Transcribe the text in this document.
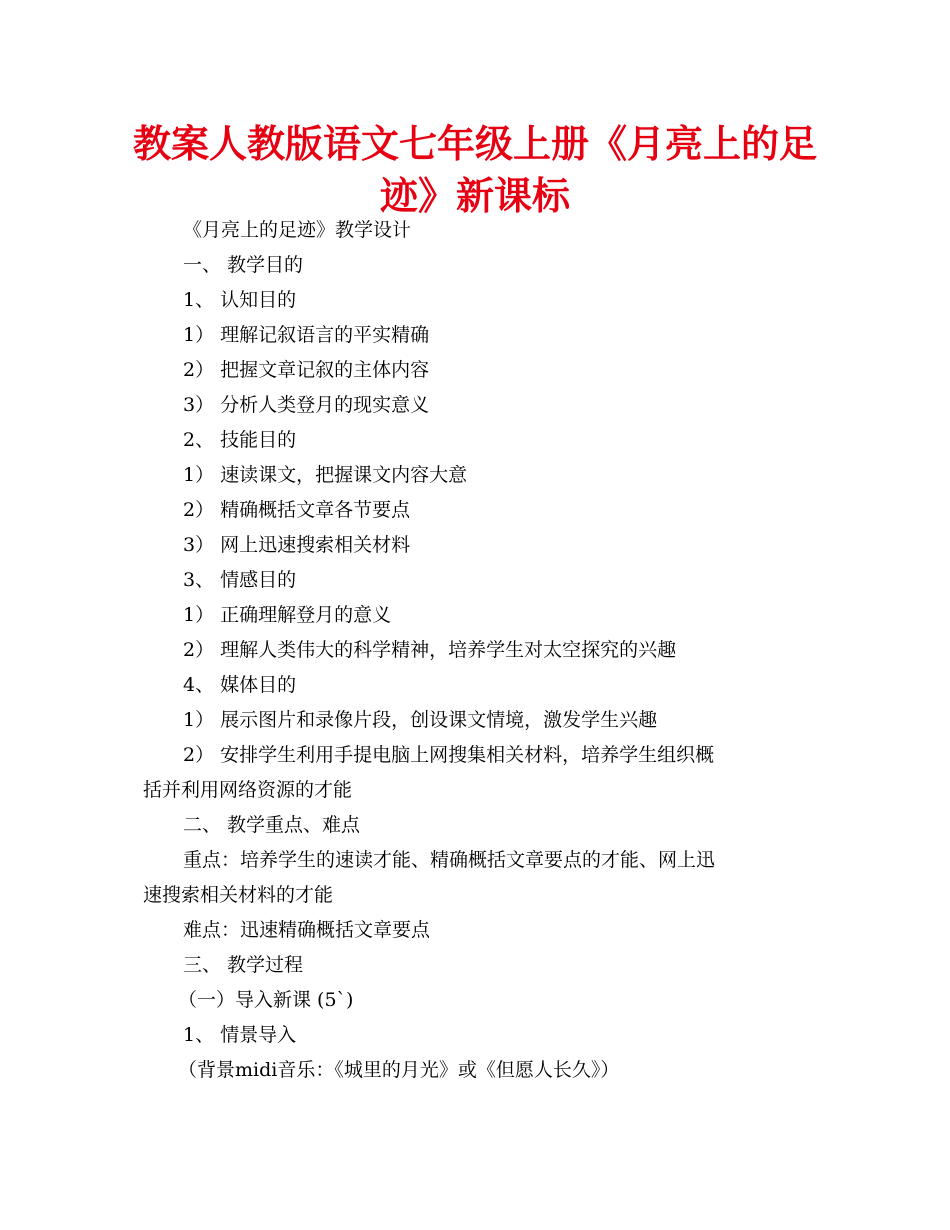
教案人教版语文七年级上册《月亮上的足迹》新课标

《月亮上的足迹》教学设计

一、 教学目的

1、 认知目的

1） 理解记叙语言的平实精确

2） 把握文章记叙的主体内容

3） 分析人类登月的现实意义

2、 技能目的

1） 速读课文，把握课文内容大意

2） 精确概括文章各节要点

3） 网上迅速搜索相关材料

3、 情感目的

1） 正确理解登月的意义

2） 理解人类伟大的科学精神，培养学生对太空探究的兴趣

4、 媒体目的

1） 展示图片和录像片段，创设课文情境，激发学生兴趣

2） 安排学生利用手提电脑上网搜集相关材料，培养学生组织概

括并利用网络资源的才能

二、 教学重点、难点

重点：培养学生的速读才能、精确概括文章要点的才能、网上迅

速搜索相关材料的才能

难点：迅速精确概括文章要点

三、 教学过程

（一）导入新课 (5`)

1、 情景导入

（背景midi音乐：《城里的月光》或《但愿人长久》）
